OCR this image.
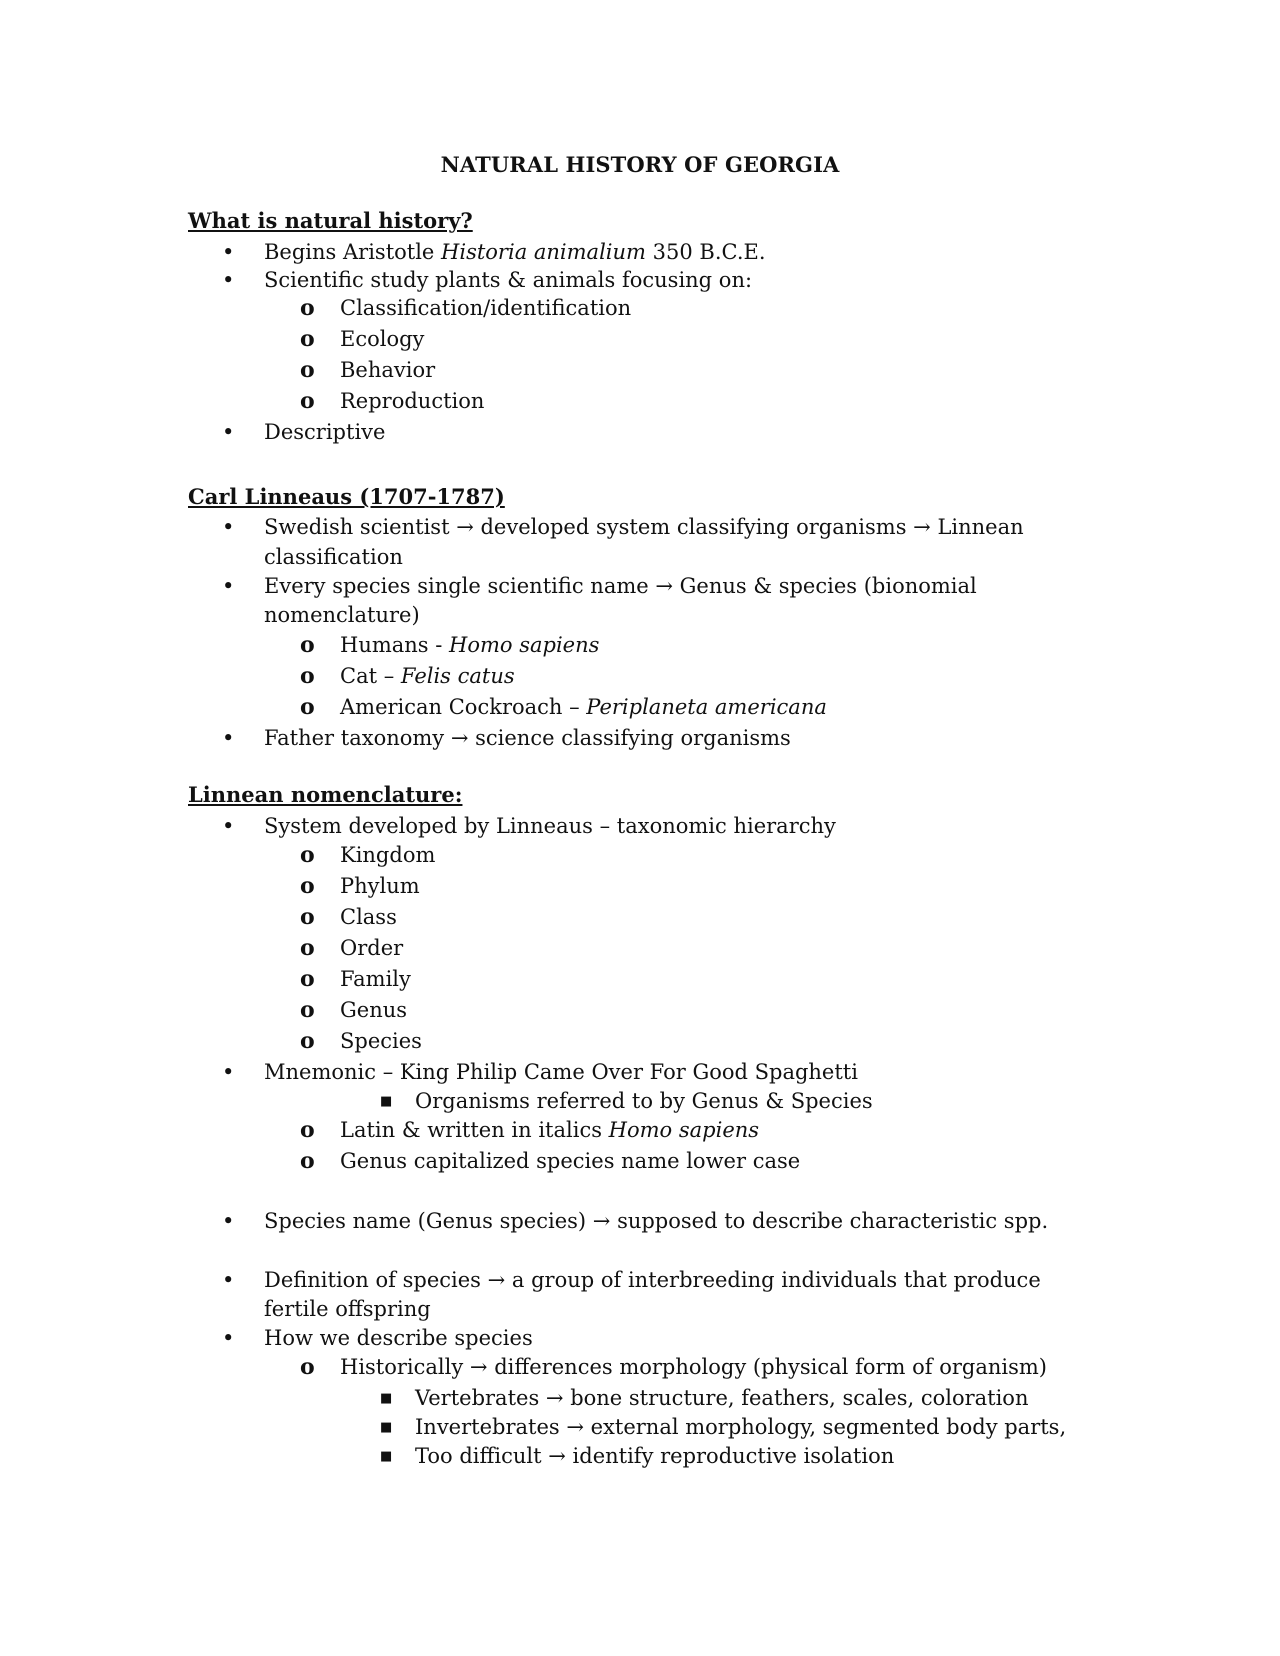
NATURAL HISTORY OF GEORGIA
What is natural history?
• Begins Aristotle Historia animalium 350 B.C.E.
• Scientific study plants & animals focusing on:
o Classification/identification
o Ecology
o Behavior
o Reproduction
• Descriptive
Carl Linneaus (1707-1787)
• Swedish scientist → developed system classifying organisms → Linnean
classification
• Every species single scientific name → Genus & species (bionomial
nomenclature)
o Humans - Homo sapiens
o Cat – Felis catus
o American Cockroach – Periplaneta americana
• Father taxonomy → science classifying organisms
Linnean nomenclature:
• System developed by Linneaus – taxonomic hierarchy
o Kingdom
o Phylum
o Class
o Order
o Family
o Genus
o Species
• Mnemonic – King Philip Came Over For Good Spaghetti
■ Organisms referred to by Genus & Species
o Latin & written in italics Homo sapiens
o Genus capitalized species name lower case
• Species name (Genus species) → supposed to describe characteristic spp.
• Definition of species → a group of interbreeding individuals that produce
fertile offspring
• How we describe species
o Historically → differences morphology (physical form of organism)
■ Vertebrates → bone structure, feathers, scales, coloration
■ Invertebrates → external morphology, segmented body parts,
■ Too difficult → identify reproductive isolation
